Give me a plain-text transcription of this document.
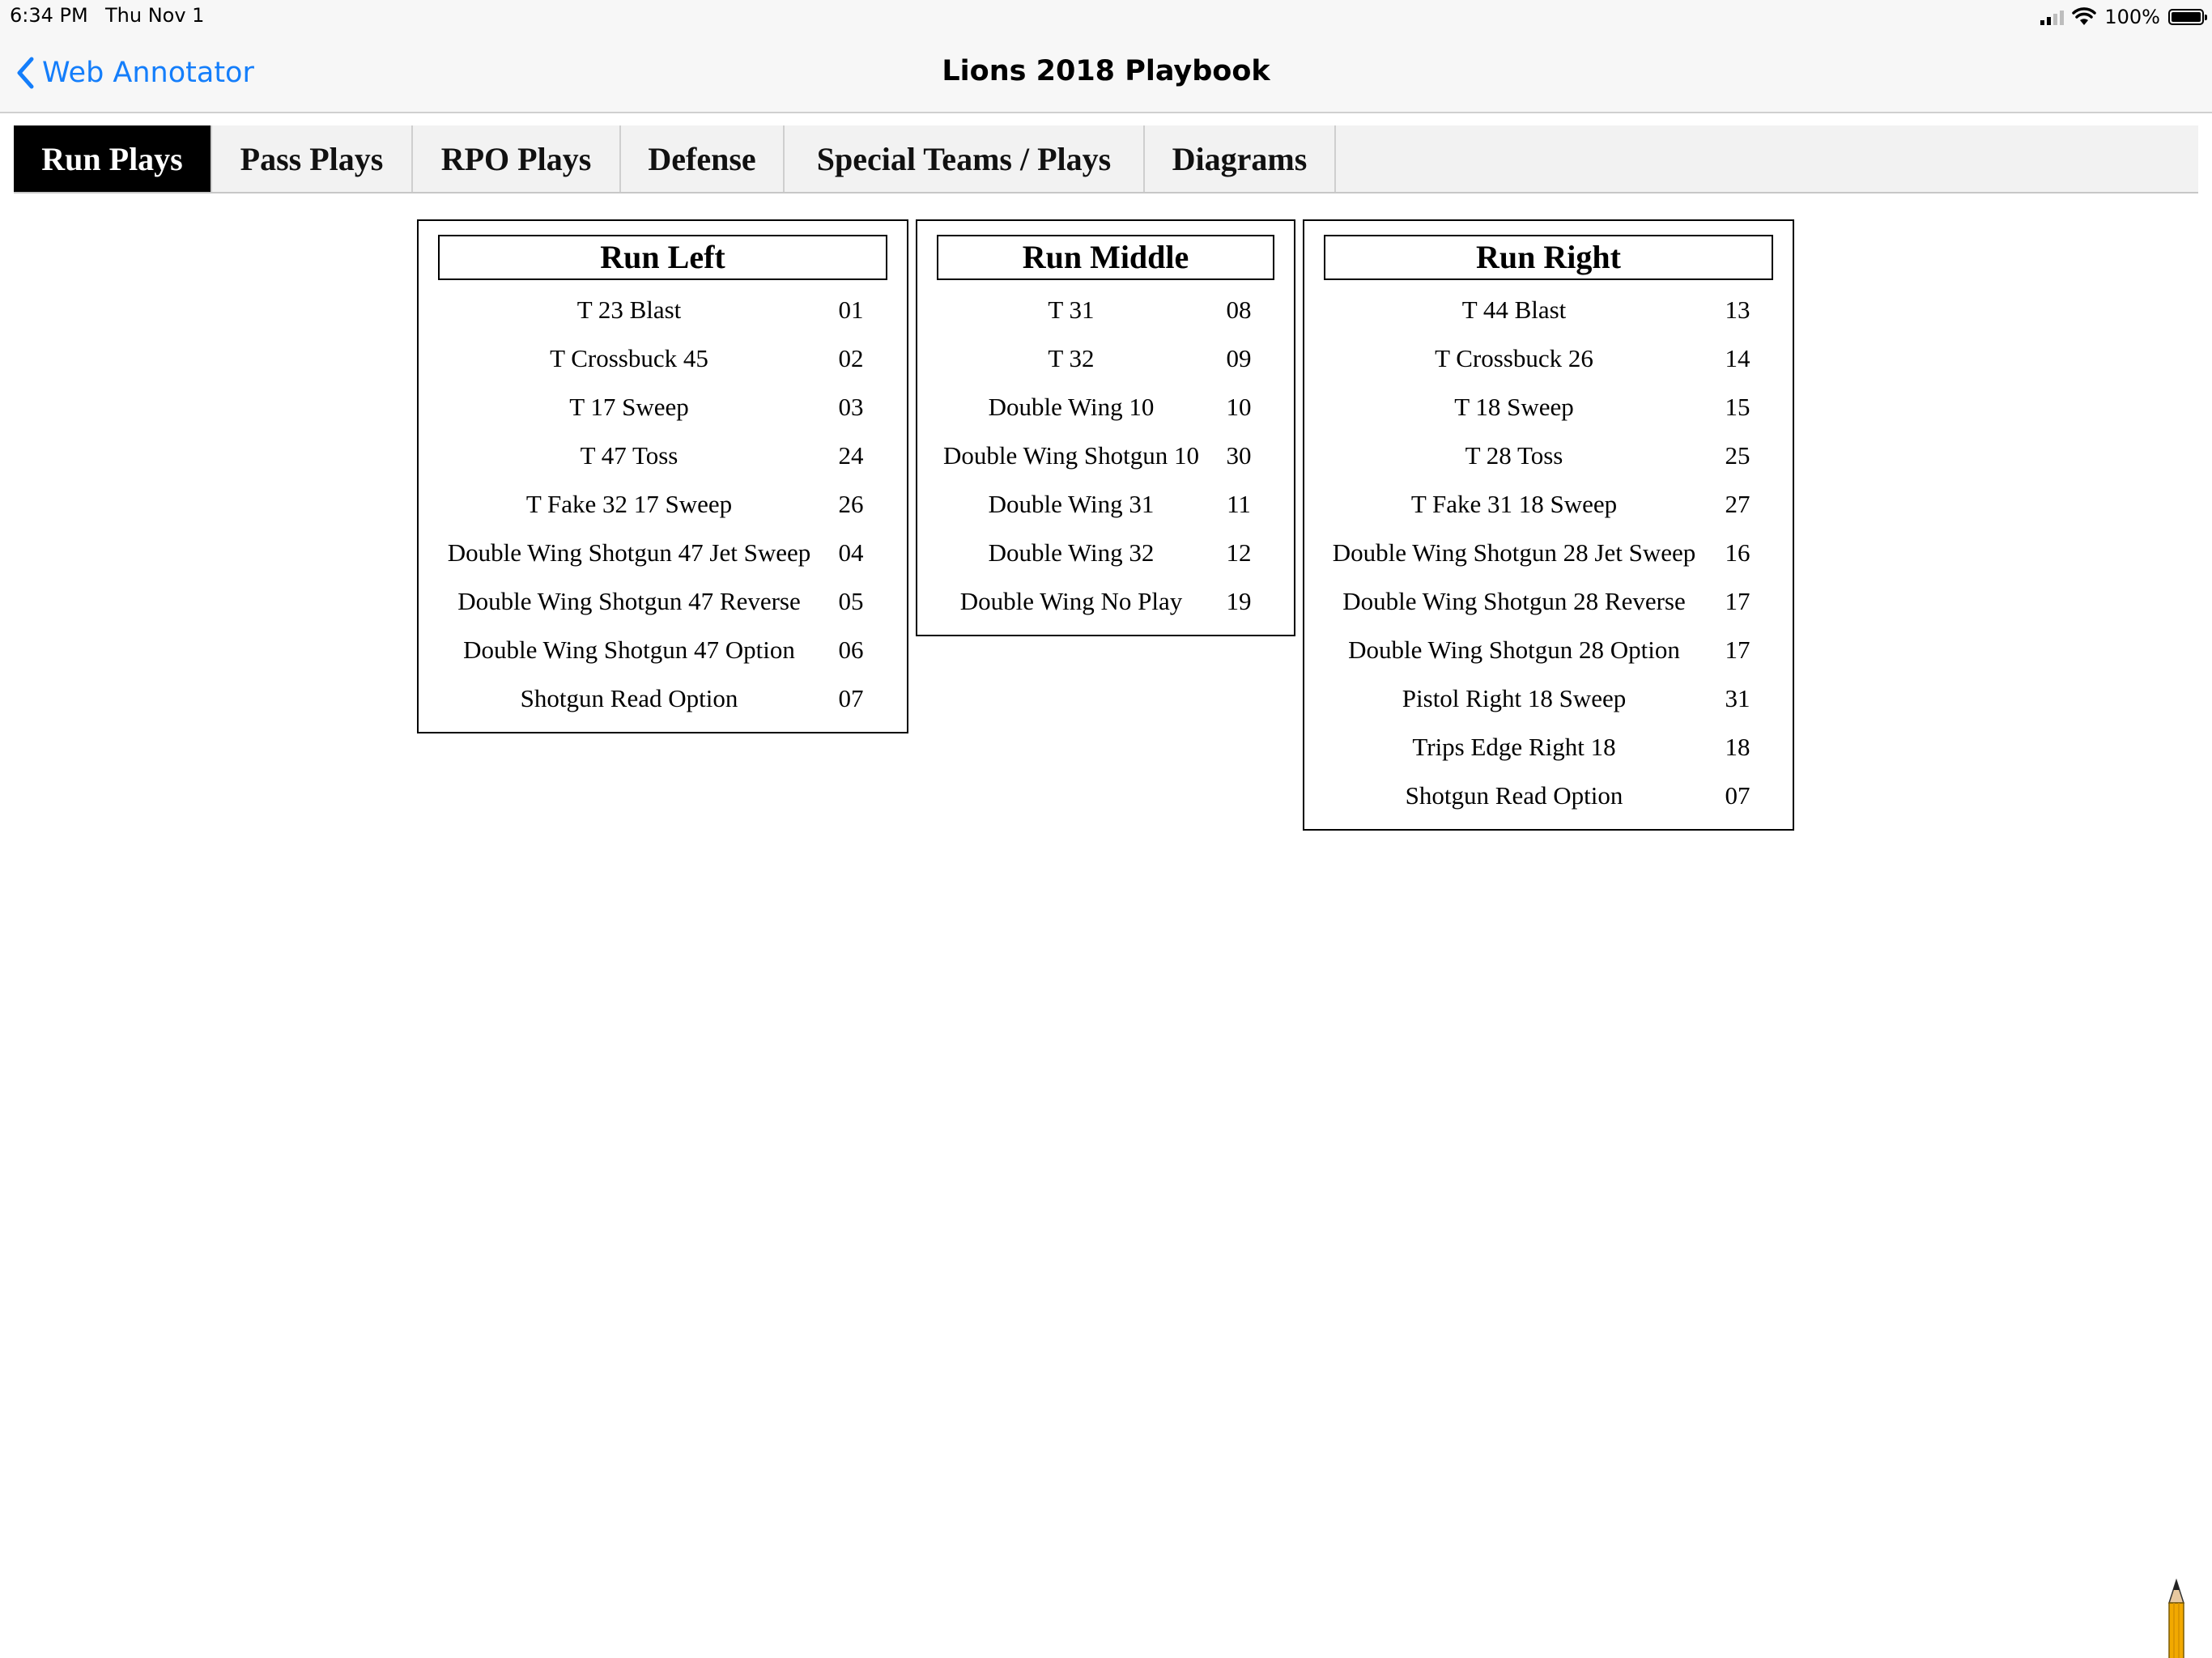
6:34 PM Thu Nov 1	100%
Web Annotator	Lions 2018 Playbook
Run Plays Pass Plays RPO Plays Defense Special Teams / Plays Diagrams
Run Left
T 23 Blast	01
T Crossbuck 45	02
T 17 Sweep	03
T 47 Toss	24
T Fake 32 17 Sweep	26
Double Wing Shotgun 47 Jet Sweep 04
Double Wing Shotgun 47 Reverse 05
Double Wing Shotgun 47 Option 06
Shotgun Read Option	07
Run Middle
T 31	08
T 32	09
Double Wing 10	10
Double Wing Shotgun 10 30
Double Wing 31	11
Double Wing 32	12
Double Wing No Play 19
Run Right
T 44 Blast	13
T Crossbuck 26	14
T 18 Sweep	15
T 28 Toss	25
T Fake 31 18 Sweep	27
Double Wing Shotgun 28 Jet Sweep 16
Double Wing Shotgun 28 Reverse 17
Double Wing Shotgun 28 Option 17
Pistol Right 18 Sweep	31
Trips Edge Right 18	18
Shotgun Read Option	07
